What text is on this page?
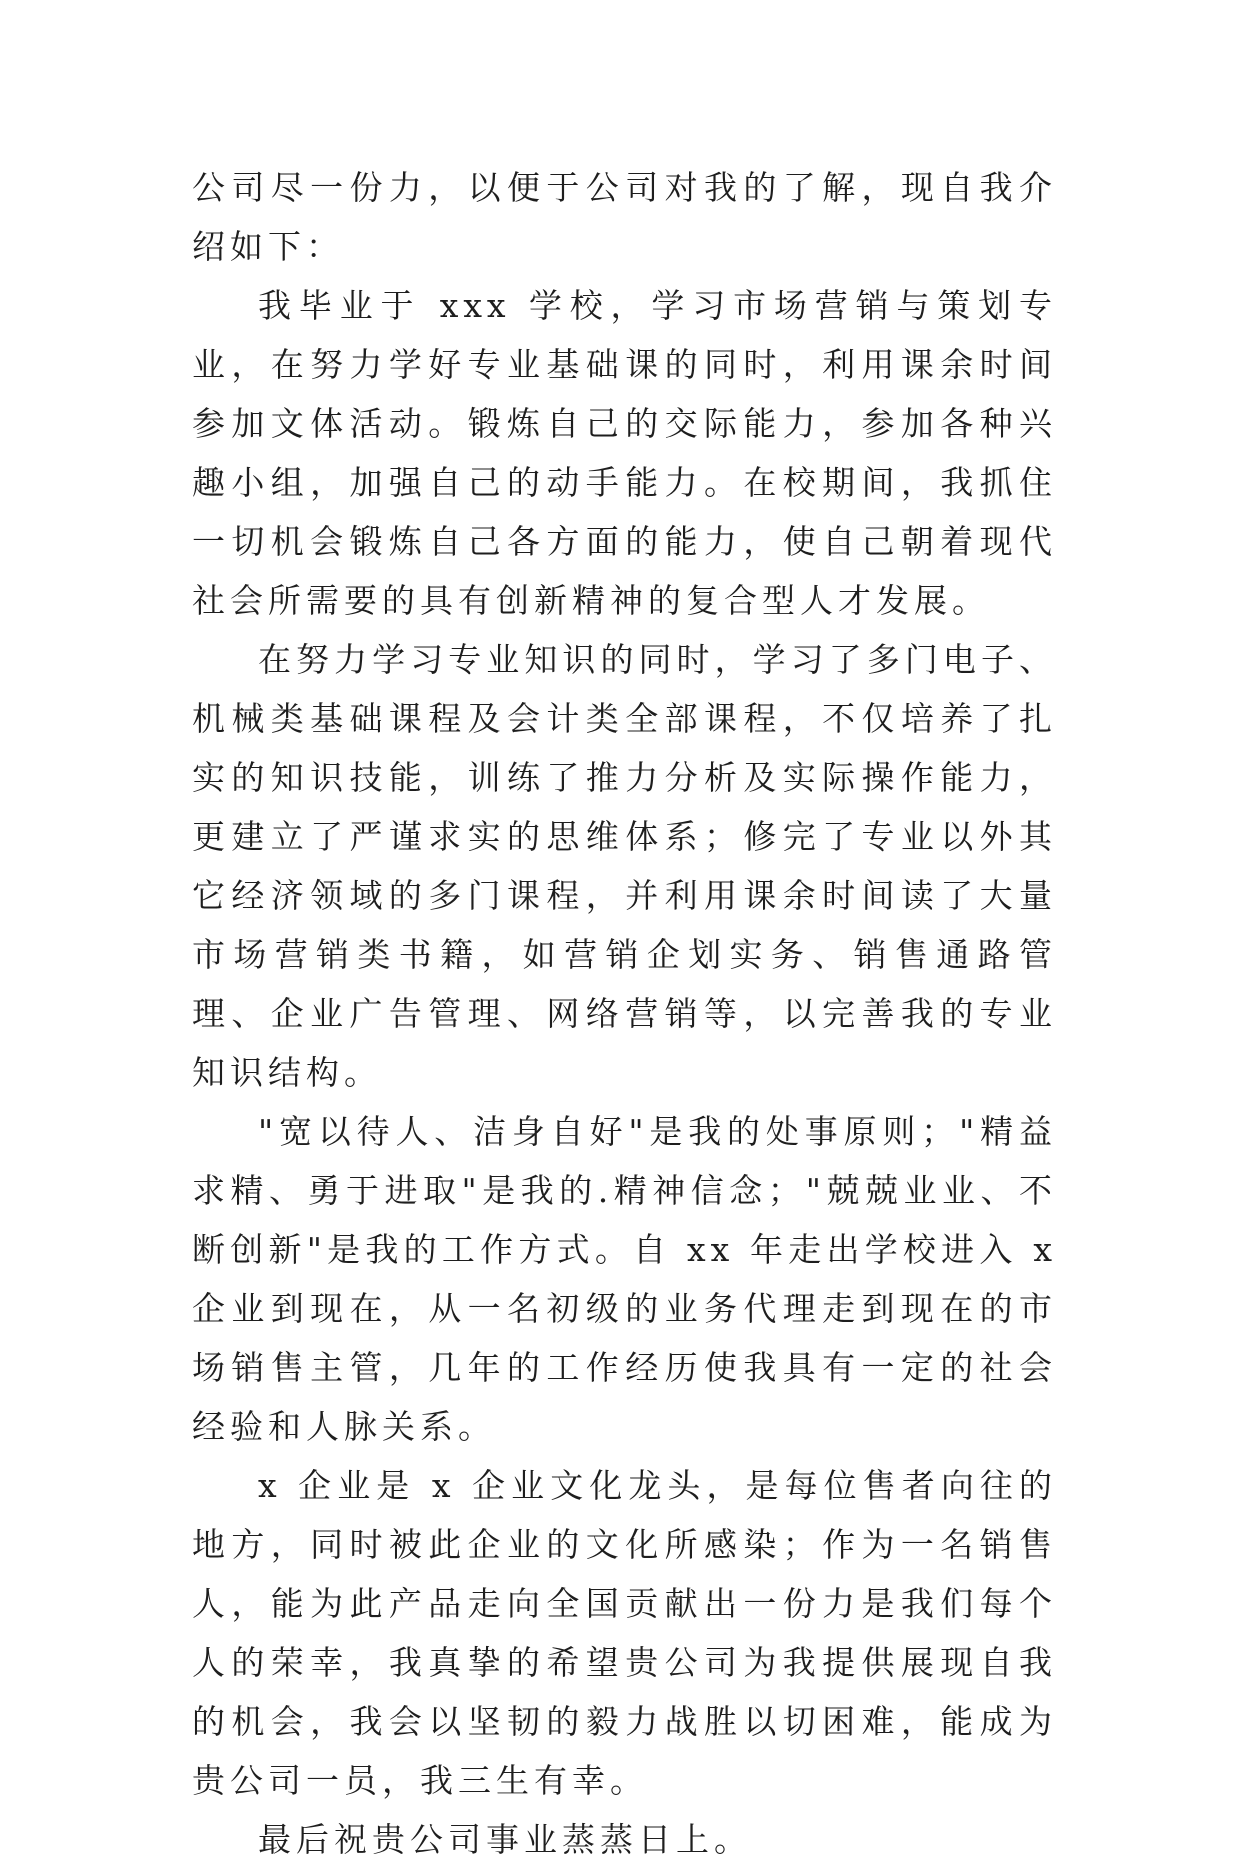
公司尽一份力，以便于公司对我的了解，现自我介绍如下：

我毕业于 xxx 学校，学习市场营销与策划专业，在努力学好专业基础课的同时，利用课余时间参加文体活动。锻炼自己的交际能力，参加各种兴趣小组，加强自己的动手能力。在校期间，我抓住一切机会锻炼自己各方面的能力，使自己朝着现代社会所需要的具有创新精神的复合型人才发展。

在努力学习专业知识的同时，学习了多门电子、机械类基础课程及会计类全部课程，不仅培养了扎实的知识技能，训练了推力分析及实际操作能力，更建立了严谨求实的思维体系；修完了专业以外其它经济领域的多门课程，并利用课余时间读了大量市场营销类书籍，如营销企划实务、销售通路管理、企业广告管理、网络营销等，以完善我的专业知识结构。

"宽以待人、洁身自好"是我的处事原则；"精益求精、勇于进取"是我的.精神信念；"兢兢业业、不断创新"是我的工作方式。自 xx 年走出学校进入 x 企业到现在，从一名初级的业务代理走到现在的市场销售主管，几年的工作经历使我具有一定的社会经验和人脉关系。

x 企业是 x 企业文化龙头，是每位售者向往的地方，同时被此企业的文化所感染；作为一名销售人，能为此产品走向全国贡献出一份力是我们每个人的荣幸，我真挚的希望贵公司为我提供展现自我的机会，我会以坚韧的毅力战胜以切困难，能成为贵公司一员，我三生有幸。

最后祝贵公司事业蒸蒸日上。
